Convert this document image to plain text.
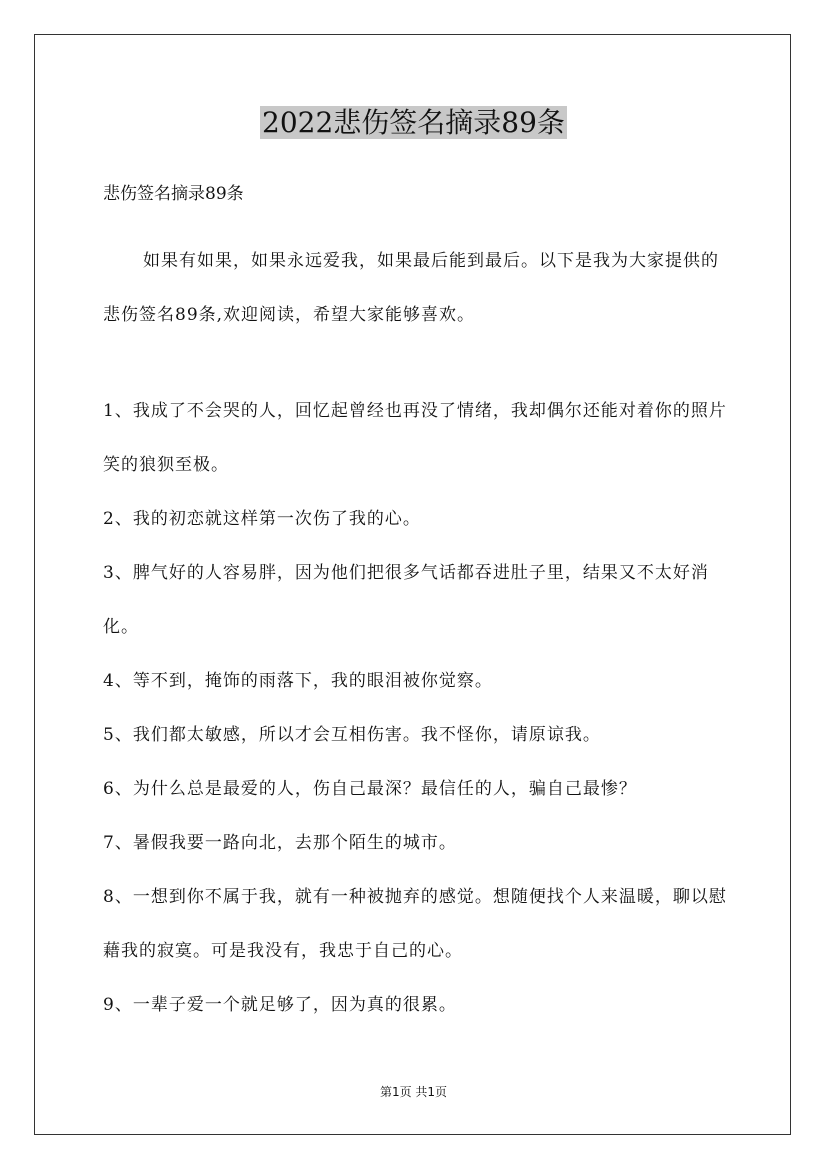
2022悲伤签名摘录89条
悲伤签名摘录89条

如果有如果，如果永远爱我，如果最后能到最后。以下是我为大家提供的悲伤签名89条,欢迎阅读，希望大家能够喜欢。

1、我成了不会哭的人，回忆起曾经也再没了情绪，我却偶尔还能对着你的照片笑的狼狈至极。
2、我的初恋就这样第一次伤了我的心。
3、脾气好的人容易胖，因为他们把很多气话都吞进肚子里，结果又不太好消化。
4、等不到，掩饰的雨落下，我的眼泪被你觉察。
5、我们都太敏感，所以才会互相伤害。我不怪你，请原谅我。
6、为什么总是最爱的人，伤自己最深？最信任的人，骗自己最惨？
7、暑假我要一路向北，去那个陌生的城市。
8、一想到你不属于我，就有一种被抛弃的感觉。想随便找个人来温暖，聊以慰藉我的寂寞。可是我没有，我忠于自己的心。
9、一辈子爱一个就足够了，因为真的很累。
第1页 共1页
